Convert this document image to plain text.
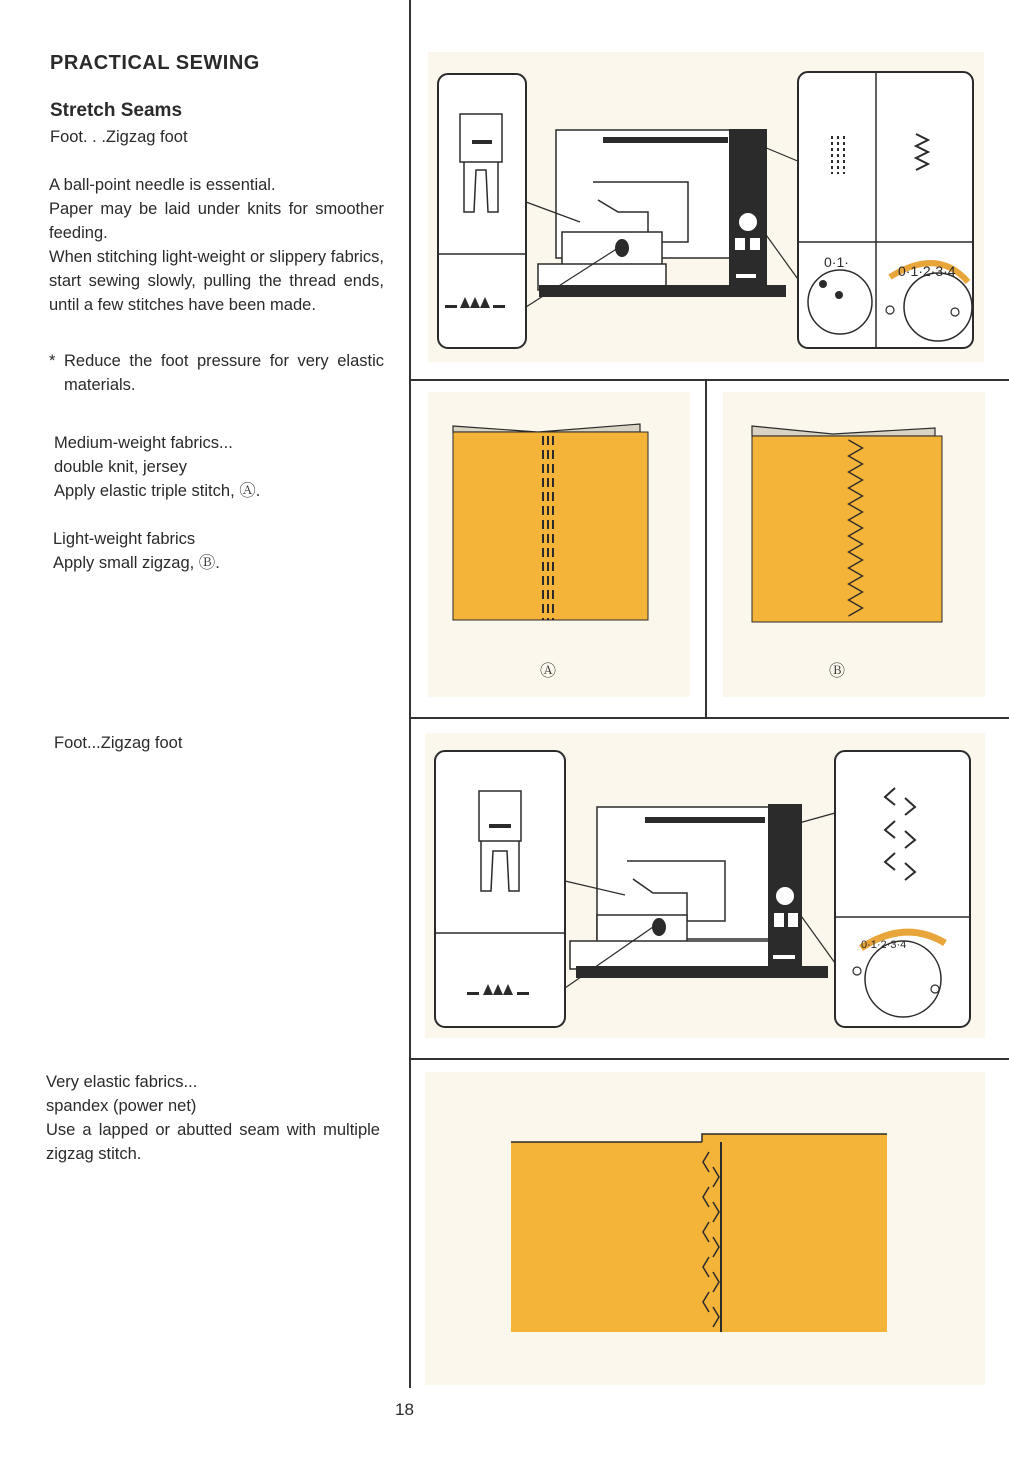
PRACTICAL SEWING
Stretch Seams
Foot. . .Zigzag foot
A ball-point needle is essential.
Paper may be laid under knits for smoother feeding.
When stitching light-weight or slippery fabrics, start sewing slowly, pulling the thread ends, until a few stitches have been made.
* Reduce the foot pressure for very elastic materials.
Medium-weight fabrics...
double knit, jersey
Apply elastic triple stitch, Ⓐ.
Light-weight fabrics
Apply small zigzag, Ⓑ.
Foot...Zigzag foot
Very elastic fabrics...
spandex (power net)
Use a lapped or abutted seam with multiple zigzag stitch.
18
0·1·
0·1·2·3·4
Ⓐ	Ⓑ
0·1·2·3·4
